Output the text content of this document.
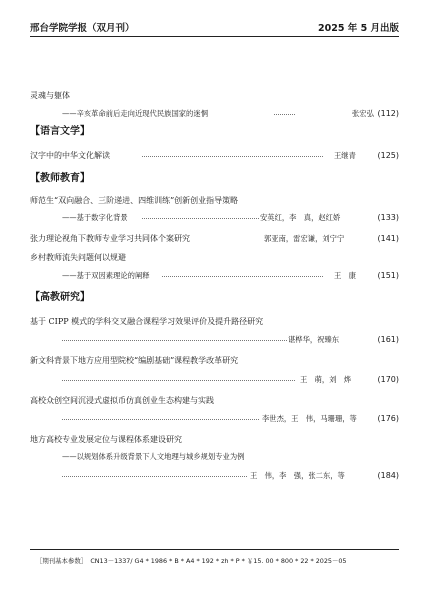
邢台学院学报（双月刊）	2025 年 5 月出版
灵魂与躯体
——辛亥革命前后走向近现代民族国家的迷惘	张宏弘 (112)
【语言文学】
汉字中的中华文化解读	王继青	(125)
【教师教育】
师范生“双向融合、三阶递进、四维训练”创新创业指导策略
——基于数字化背景	安英红，李　真，赵红娇	(133)
张力理论视角下教师专业学习共同体个案研究	郭亚南，雷宏谦，刘宁宁	(141)
乡村教师流失问题何以规避
——基于双因素理论的阐释	王　康	(151)
【高教研究】
基于 CIPP 模式的学科交叉融合课程学习效果评价及提升路径研究
谌桦华，祝臻东	(161)
新文科背景下地方应用型院校“编剧基础”课程教学改革研究
王　萌，刘　烨	(170)
高校众创空间沉浸式虚拟币仿真创业生态构建与实践
李世杰，王　伟，马珊珊，等	(176)
地方高校专业发展定位与课程体系建设研究
——以规划体系升级背景下人文地理与城乡规划专业为例
王　伟，李　强，张二东，等	(184)
［期刊基本参数］　CN13－1337/ G4 * 1986 * B * A4 * 192 * zh * P * ￥15. 00 * 800 * 22 * 2025－05
